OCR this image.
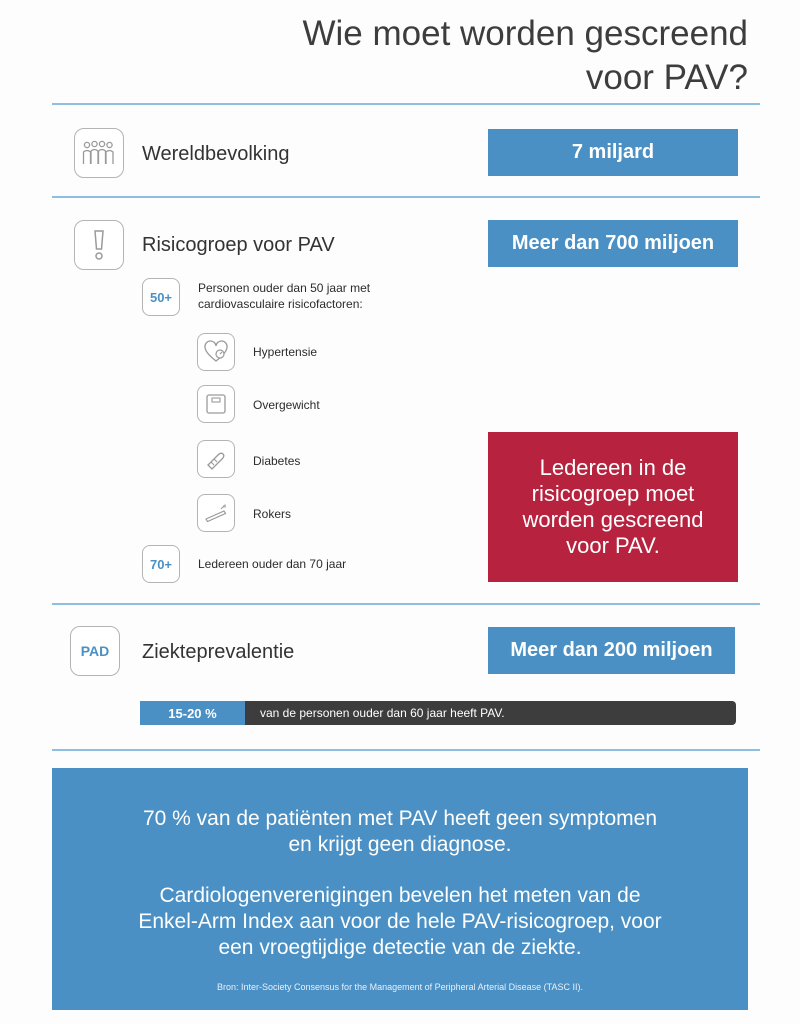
Wie moet worden gescreend
voor PAV?
Wereldbevolking	7 miljard
Risicogroep voor PAV	Meer dan 700 miljoen
50+
Personen ouder dan 50 jaar met
cardiovasculaire risicofactoren:
Hypertensie
Overgewicht
Diabetes
Rokers
70+ Ledereen ouder dan 70 jaar
Ledereen in de
risicogroep moet
worden gescreend
voor PAV.
PAD Ziekteprevalentie	Meer dan 200 miljoen
15-20 %	van de personen ouder dan 60 jaar heeft PAV.
70 % van de patiënten met PAV heeft geen symptomen
en krijgt geen diagnose.
Cardiologenverenigingen bevelen het meten van de
Enkel-Arm Index aan voor de hele PAV-risicogroep, voor
een vroegtijdige detectie van de ziekte.
Bron: Inter-Society Consensus for the Management of Peripheral Arterial Disease (TASC II).
